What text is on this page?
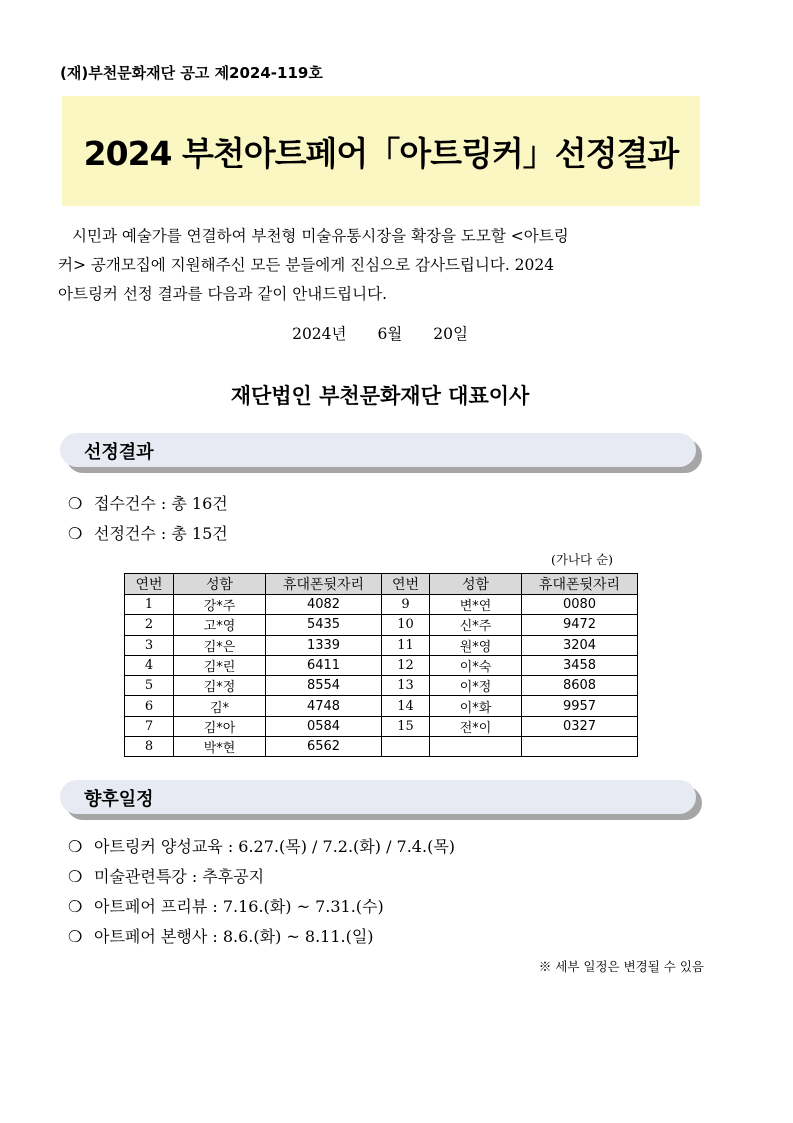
(재)부천문화재단 공고 제2024-119호
2024 부천아트페어「아트링커」선정결과
시민과 예술가를 연결하여 부천형 미술유통시장을 확장을 도모할 <아트링
커> 공개모집에 지원해주신 모든 분들에게 진심으로 감사드립니다. 2024
아트링커 선정 결과를 다음과 같이 안내드립니다.
2024년 6월 20일
재단법인 부천문화재단 대표이사
선정결과
❍ 접수건수 : 총 16건
❍ 선정건수 : 총 15건
(가나다 순)
연번	성함	휴대폰뒷자리	연번	성함	휴대폰뒷자리
1	강*주	4082	9	변*연	0080
2	고*영	5435	10	신*주	9472
3	김*은	1339	11	원*영	3204
4	김*린	6411	12	이*숙	3458
5	김*정	8554	13	이*정	8608
6	김*	4748	14	이*화	9957
7	김*아	0584	15	전*이	0327
8	박*현	6562			
향후일정
❍ 아트링커 양성교육 : 6.27.(목) / 7.2.(화) / 7.4.(목)
❍ 미술관련특강 : 추후공지
❍ 아트페어 프리뷰 : 7.16.(화) ~ 7.31.(수)
❍ 아트페어 본행사 : 8.6.(화) ~ 8.11.(일)
※ 세부 일정은 변경될 수 있음
